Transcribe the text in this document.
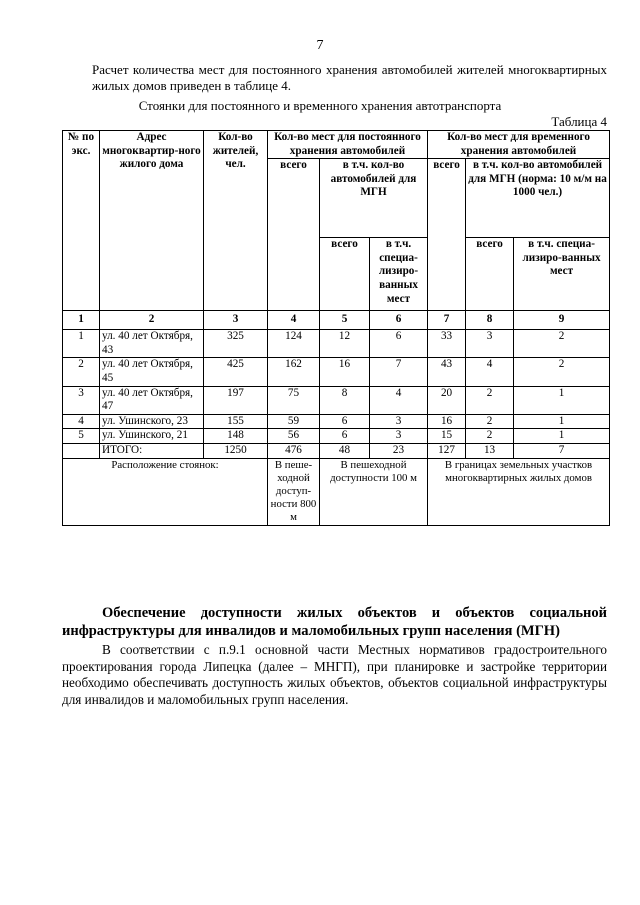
7

Расчет количества мест для постоянного хранения автомобилей жителей многоквартирных жилых домов приведен в таблице 4.

Стоянки для постоянного и временного хранения автотранспорта
Таблица 4
№ по экс.	Адрес многоквартир-ного жилого дома	Кол-во жителей, чел.	Кол-во мест для постоянного хранения автомобилей			Кол-во мест для временного хранения автомобилей		
			всего	в т.ч. кол-во автомобилей для МГН		всего	в т.ч. кол-во автомобилей для МГН (норма: 10 м/м на 1000 чел.)	
				всего	в т.ч. специа-лизиро-ванных мест		всего	в т.ч. специа-лизиро-ванных мест
1	2	3	4	5	6	7	8	9
1	ул. 40 лет Октября, 43	325	124	12	6	33	3	2
2	ул. 40 лет Октября, 45	425	162	16	7	43	4	2
3	ул. 40 лет Октября, 47	197	75	8	4	20	2	1
4	ул. Ушинского, 23	155	59	6	3	16	2	1
5	ул. Ушинского, 21	148	56	6	3	15	2	1
	ИТОГО:	1250	476	48	23	127	13	7
Расположение стоянок:			В пеше-ходной доступ-ности 800 м	В пешеходной доступности 100 м		В границах земельных участков многоквартирных жилых домов		
Обеспечение доступности жилых объектов и объектов социальной инфраструктуры для инвалидов и маломобильных групп населения (МГН)
В соответствии с п.9.1 основной части Местных нормативов градостроительного проектирования города Липецка (далее – МНГП), при планировке и застройке территории необходимо обеспечивать доступность жилых объектов, объектов социальной инфраструктуры для инвалидов и маломобильных групп населения.
